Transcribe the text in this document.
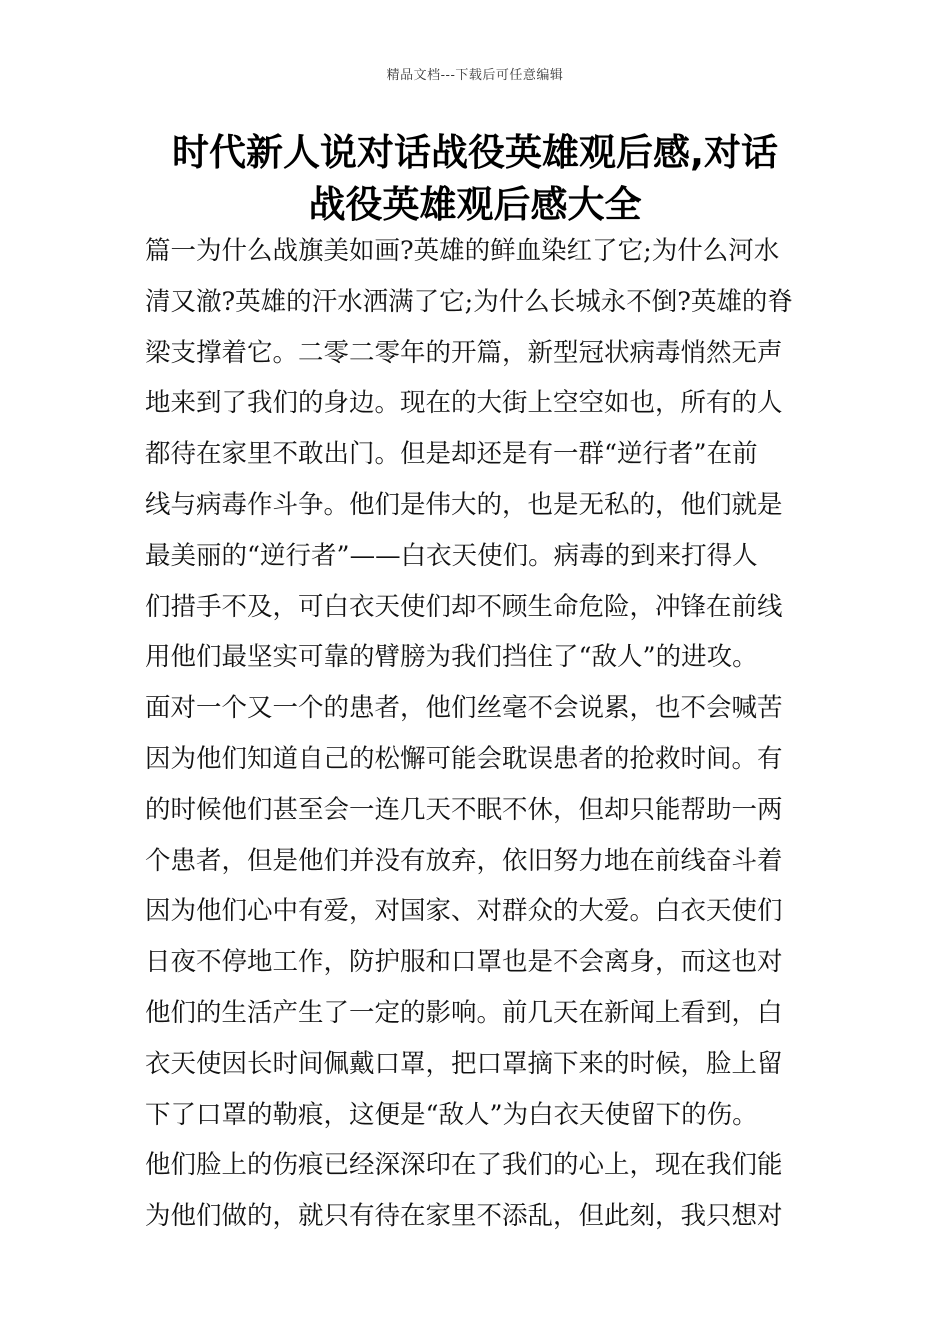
精品文档---下载后可任意编辑
时代新人说对话战役英雄观后感,对话
战役英雄观后感大全
篇一为什么战旗美如画?英雄的鲜血染红了它;为什么河水
清又澈?英雄的汗水洒满了它;为什么长城永不倒?英雄的脊
梁支撑着它。二零二零年的开篇，新型冠状病毒悄然无声
地来到了我们的身边。现在的大街上空空如也，所有的人
都待在家里不敢出门。但是却还是有一群“逆行者”在前
线与病毒作斗争。他们是伟大的，也是无私的，他们就是
最美丽的“逆行者”——白衣天使们。病毒的到来打得人
们措手不及，可白衣天使们却不顾生命危险，冲锋在前线
用他们最坚实可靠的臂膀为我们挡住了“敌人”的进攻。
面对一个又一个的患者，他们丝毫不会说累，也不会喊苦
因为他们知道自己的松懈可能会耽误患者的抢救时间。有
的时候他们甚至会一连几天不眠不休，但却只能帮助一两
个患者，但是他们并没有放弃，依旧努力地在前线奋斗着
因为他们心中有爱，对国家、对群众的大爱。白衣天使们
日夜不停地工作，防护服和口罩也是不会离身，而这也对
他们的生活产生了一定的影响。前几天在新闻上看到，白
衣天使因长时间佩戴口罩，把口罩摘下来的时候，脸上留
下了口罩的勒痕，这便是“敌人”为白衣天使留下的伤。
他们脸上的伤痕已经深深印在了我们的心上，现在我们能
为他们做的，就只有待在家里不添乱，但此刻，我只想对
